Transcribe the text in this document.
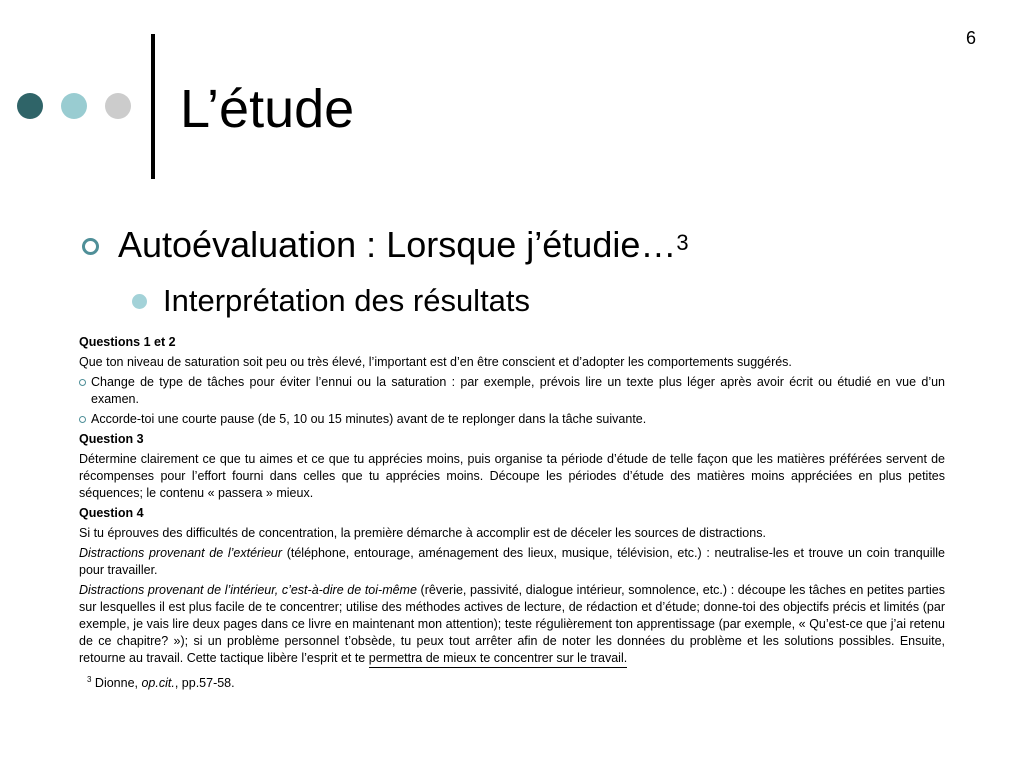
6
L’étude
Autoévaluation : Lorsque j’étudie…$^3$
Interprétation des résultats

Questions 1 et 2

Que ton niveau de saturation soit peu ou très élevé, l’important est d’en être conscient et d’adopter les comportements suggérés.

Change de type de tâches pour éviter l’ennui ou la saturation : par exemple, prévois lire un texte plus léger après avoir écrit ou étudié en vue d’un examen.

Accorde-toi une courte pause (de 5, 10 ou 15 minutes) avant de te replonger dans la tâche suivante.

Question 3

Détermine clairement ce que tu aimes et ce que tu apprécies moins, puis organise ta période d’étude de telle façon que les matières préférées servent de récompenses pour l’effort fourni dans celles que tu apprécies moins. Découpe les périodes d’étude des matières moins appréciées en plus petites séquences; le contenu « passera » mieux.

Question 4

Si tu éprouves des difficultés de concentration, la première démarche à accomplir est de déceler les sources de distractions.

Distractions provenant de l’extérieur (téléphone, entourage, aménagement des lieux, musique, télévision, etc.) : neutralise-les et trouve un coin tranquille pour travailler.

Distractions provenant de l’intérieur, c’est-à-dire de toi-même (rêverie, passivité, dialogue intérieur, somnolence, etc.) : découpe les tâches en petites parties sur lesquelles il est plus facile de te concentrer; utilise des méthodes actives de lecture, de rédaction et d’étude; donne-toi des objectifs précis et limités (par exemple, je vais lire deux pages dans ce livre en maintenant mon attention); teste régulièrement ton apprentissage (par exemple, « Qu’est-ce que j’ai retenu de ce chapitre? »); si un problème personnel t’obsède, tu peux tout arrêter afin de noter les données du problème et les solutions possibles. Ensuite, retourne au travail. Cette tactique libère l’esprit et te permettra de mieux te concentrer sur le travail.

$^3$ Dionne, op.cit., pp.57-58.
